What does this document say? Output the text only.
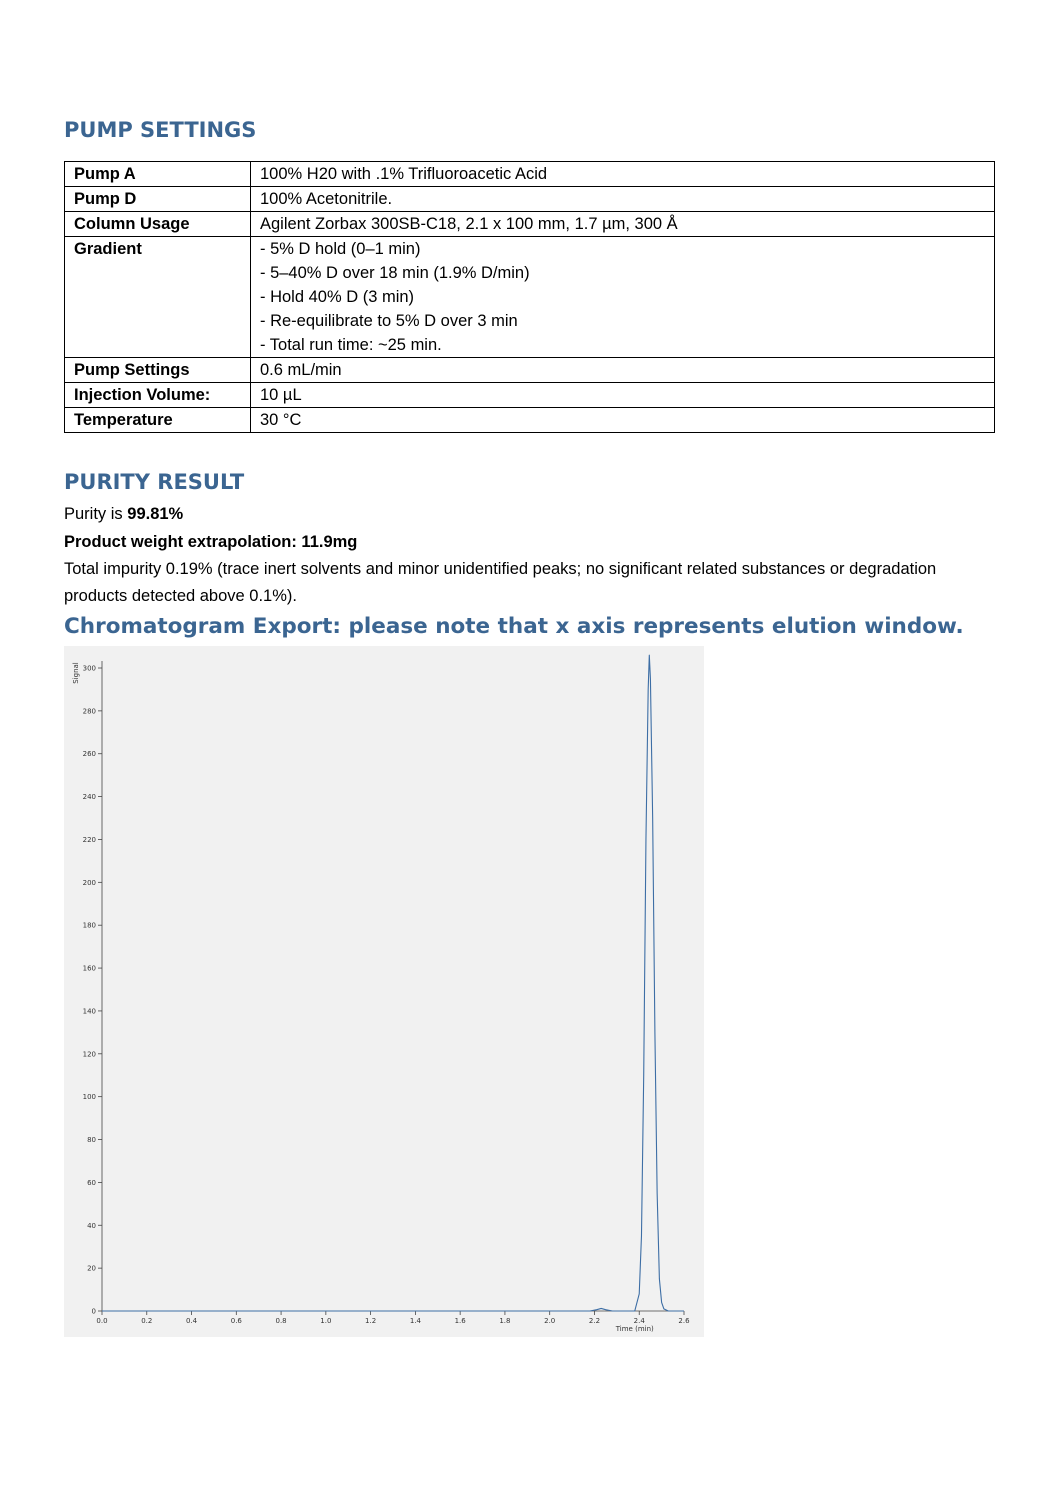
PUMP SETTINGS
Pump A	100% H20 with .1% Trifluoroacetic Acid

Pump D	100% Acetonitrile.

Column Usage	Agilent Zorbax 300SB-C18, 2.1 x 100 mm, 1.7 µm, 300 Å

Gradient	- 5% D hold (0–1 min)
- 5–40% D over 18 min (1.9% D/min)
- Hold 40% D (3 min)
- Re-equilibrate to 5% D over 3 min
- Total run time: ~25 min.

Pump Settings	0.6 mL/min

Injection Volume:	10 µL

Temperature	30 °C
PURITY RESULT
Purity is 99.81%
Product weight extrapolation: 11.9mg
Total impurity 0.19% (trace inert solvents and minor unidentified peaks; no significant related substances or degradation products detected above 0.1%).
Chromatogram Export: please note that x axis represents elution window.
0
20
40
60
80
100
120
140
160
180
200
220
240
260
280
300
0.0	0.2	0.4	0.6	0.8	1.0	1.2	1.4	1.6	1.8	2.0	2.2	2.4	2.6
Signal
Time (min)
